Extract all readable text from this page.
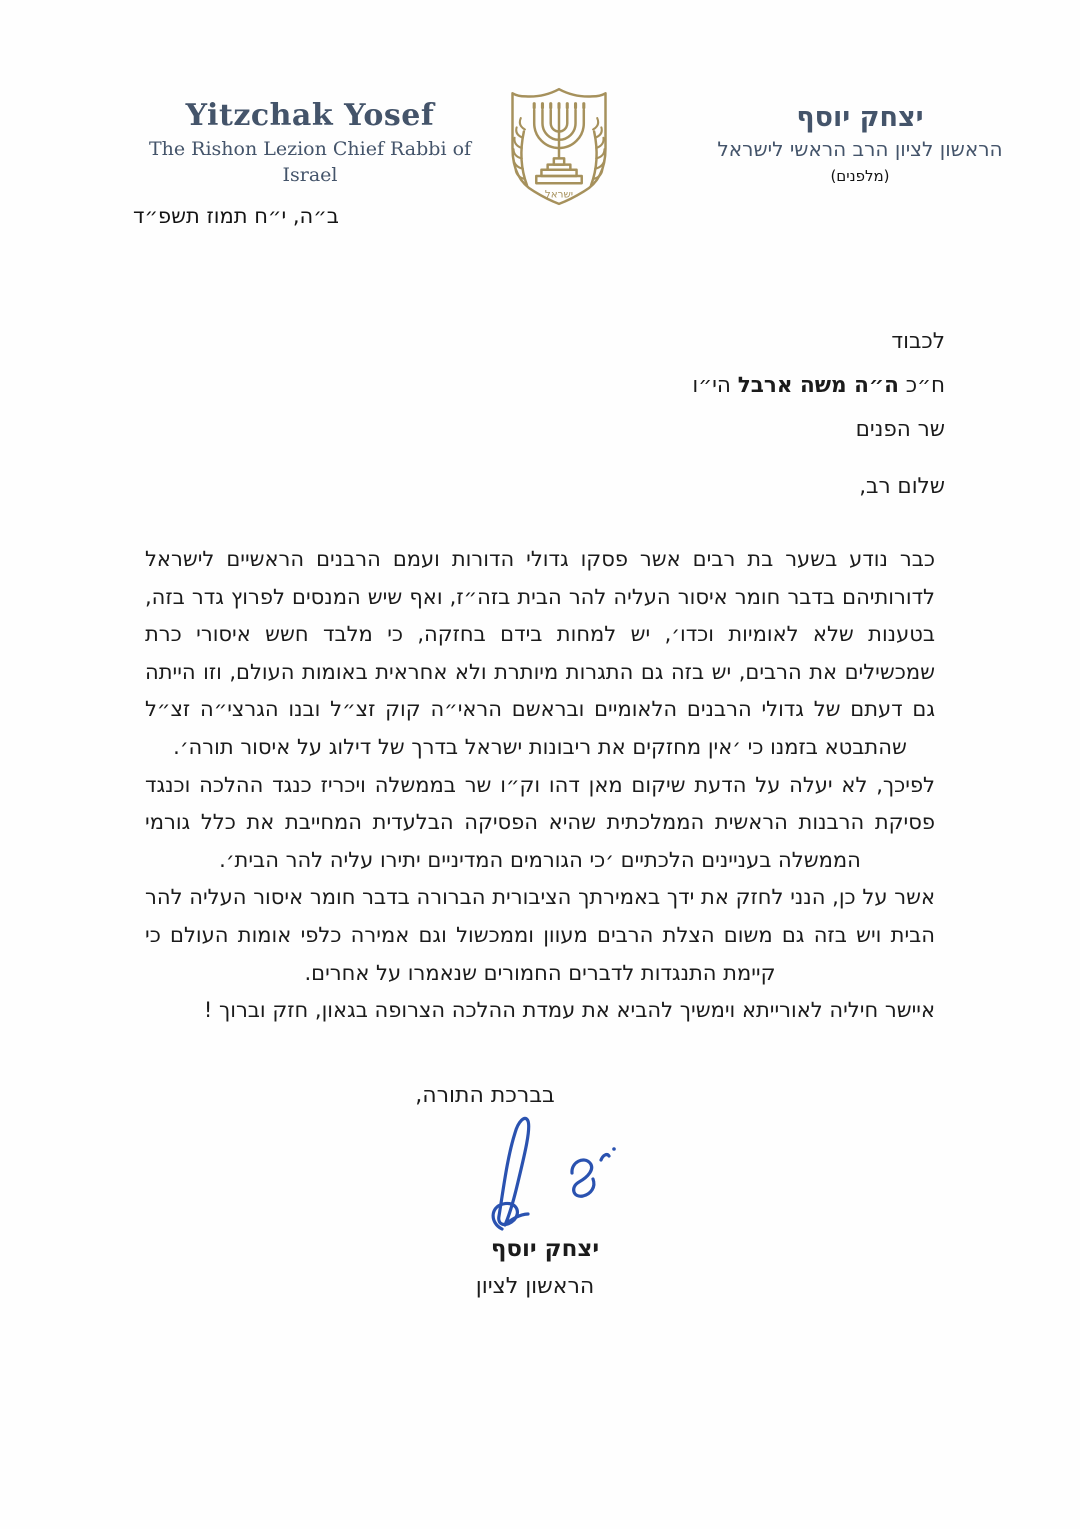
Yitzchak Yosef
The Rishon Lezion Chief Rabbi of Israel
ישראל
יצחק יוסף
הראשון לציון הרב הראשי לישראל
(מלפנים)
ב״ה, י״ח תמוז תשפ״ד
לכבוד
ח״כ ה״ה משה ארבל הי״ו
שר הפנים
שלום רב,

כבר נודע בשער בת רבים אשר פסקו גדולי הדורות ועמם הרבנים הראשיים לישראל לדורותיהם בדבר חומר איסור העליה להר הבית בזה״ז, ואף שיש המנסים לפרוץ גדר בזה, בטענות שלא לאומיות וכדו׳, יש למחות בידם בחזקה, כי מלבד חשש איסורי כרת שמכשילים את הרבים, יש בזה גם התגרות מיותרת ולא אחראית באומות העולם, וזו הייתה גם דעתם של גדולי הרבנים הלאומיים ובראשם הראי״ה קוק זצ״ל ובנו הגרצי״ה זצ״ל שהתבטא בזמנו כי ׳אין מחזקים את ריבונות ישראל בדרך של דילוג על איסור תורה׳.

לפיכך, לא יעלה על הדעת שיקום מאן דהו וק״ו שר בממשלה ויכריז כנגד ההלכה וכנגד פסיקת הרבנות הראשית הממלכתית שהיא הפסיקה הבלעדית המחייבת את כלל גורמי הממשלה בעניינים הלכתיים ׳כי הגורמים המדיניים יתירו עליה להר הבית׳.

אשר על כן, הנני לחזק את ידך באמירתך הציבורית הברורה בדבר חומר איסור העליה להר הבית ויש בזה גם משום הצלת הרבים מעוון וממכשול וגם אמירה כלפי אומות העולם כי קיימת התנגדות לדברים החמורים שנאמרו על אחרים.

איישר חיליה לאורייתא וימשיך להביא את עמדת ההלכה הצרופה בגאון, חזק וברוך !

בברכת התורה,
יצחק יוסף
הראשון לציון
